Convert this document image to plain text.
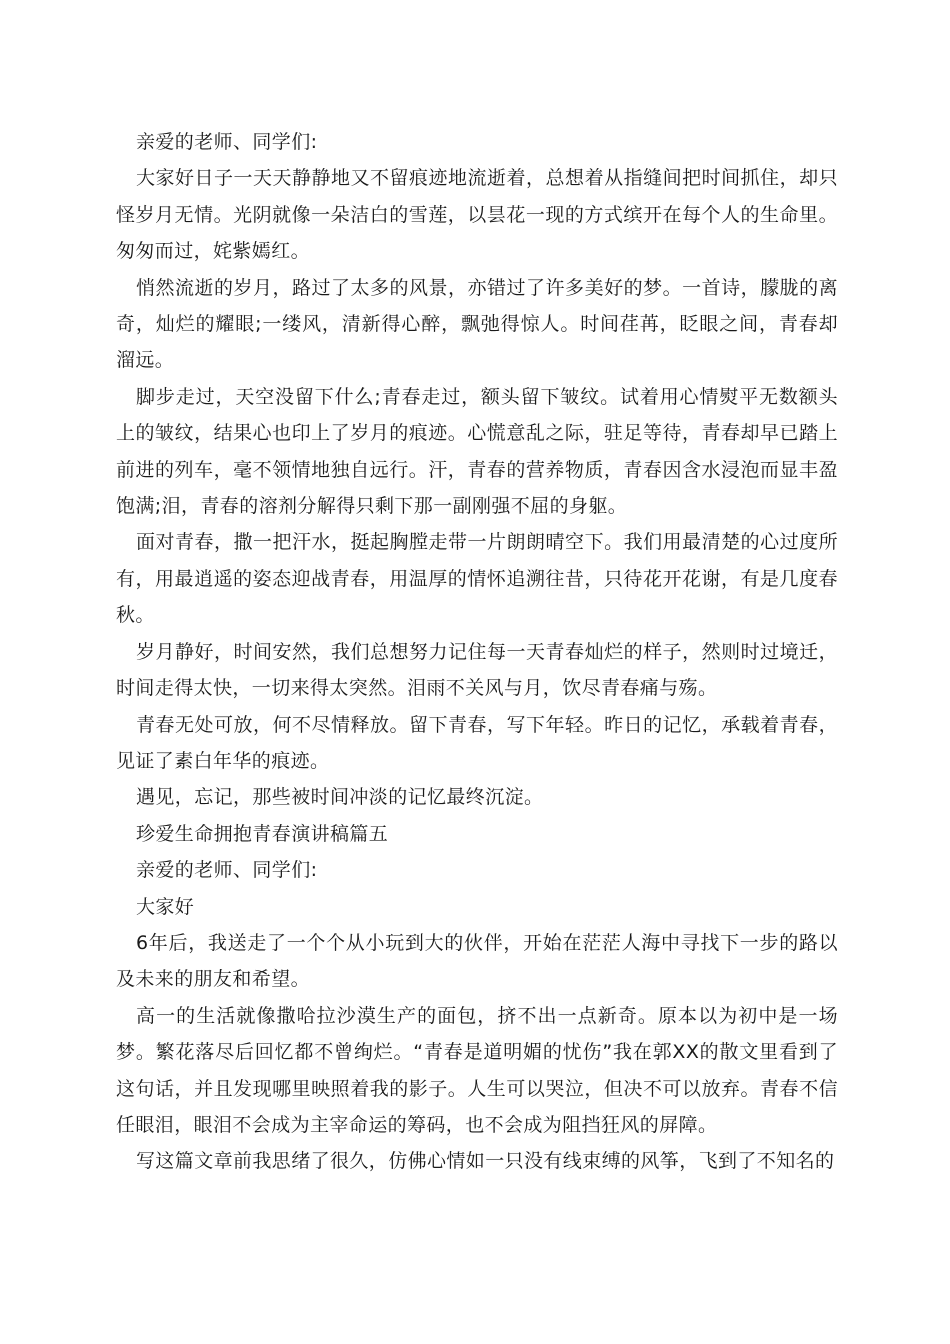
亲爱的老师、同学们:

大家好日子一天天静静地又不留痕迹地流逝着，总想着从指缝间把时间抓住，却只怪岁月无情。光阴就像一朵洁白的雪莲，以昙花一现的方式缤开在每个人的生命里。匆匆而过，姹紫嫣红。

悄然流逝的岁月，路过了太多的风景，亦错过了许多美好的梦。一首诗，朦胧的离奇，灿烂的耀眼;一缕风，清新得心醉，飘弛得惊人。时间荏苒，眨眼之间，青春却溜远。

脚步走过，天空没留下什么;青春走过，额头留下皱纹。试着用心情熨平无数额头上的皱纹，结果心也印上了岁月的痕迹。心慌意乱之际，驻足等待，青春却早已踏上前进的列车，毫不领情地独自远行。汗，青春的营养物质，青春因含水浸泡而显丰盈饱满;泪，青春的溶剂分解得只剩下那一副刚强不屈的身躯。

面对青春，撒一把汗水，挺起胸膛走带一片朗朗晴空下。我们用最清楚的心过度所有，用最逍遥的姿态迎战青春，用温厚的情怀追溯往昔，只待花开花谢，有是几度春秋。

岁月静好，时间安然，我们总想努力记住每一天青春灿烂的样子，然则时过境迁，时间走得太快，一切来得太突然。泪雨不关风与月，饮尽青春痛与殇。

青春无处可放，何不尽情释放。留下青春，写下年轻。昨日的记忆，承载着青春，见证了素白年华的痕迹。

遇见，忘记，那些被时间冲淡的记忆最终沉淀。

珍爱生命拥抱青春演讲稿篇五

亲爱的老师、同学们:

大家好

6年后，我送走了一个个从小玩到大的伙伴，开始在茫茫人海中寻找下一步的路以及未来的朋友和希望。

高一的生活就像撒哈拉沙漠生产的面包，挤不出一点新奇。原本以为初中是一场梦。繁花落尽后回忆都不曾绚烂。“青春是道明媚的忧伤”我在郭XX的散文里看到了这句话，并且发现哪里映照着我的影子。人生可以哭泣，但决不可以放弃。青春不信任眼泪，眼泪不会成为主宰命运的筹码，也不会成为阻挡狂风的屏障。

写这篇文章前我思绪了很久，仿佛心情如一只没有线束缚的风筝，飞到了不知名的
